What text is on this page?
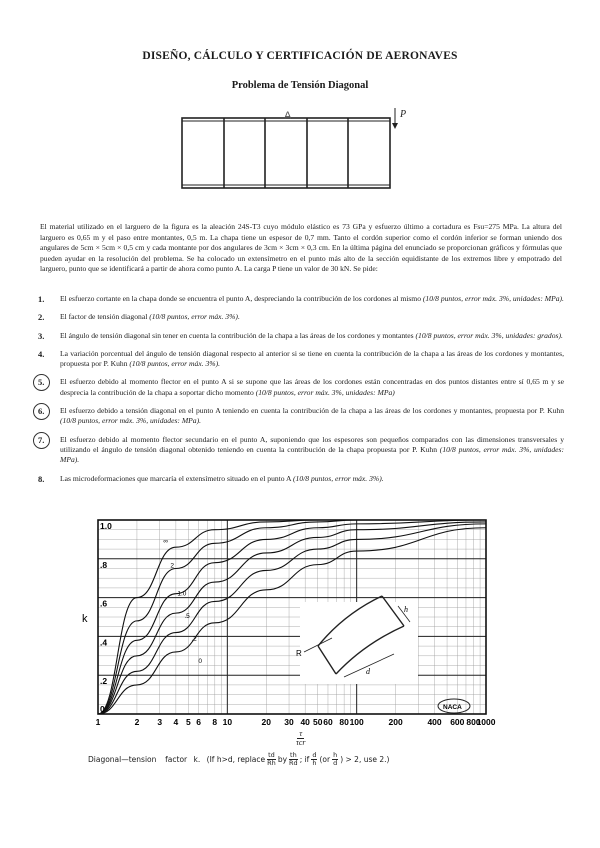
DISEÑO, CÁLCULO Y CERTIFICACIÓN DE AERONAVES
Problema de Tensión Diagonal
A	P
El material utilizado en el larguero de la figura es la aleación 24S-T3 cuyo módulo elástico es 73 GPa y esfuerzo último a cortadura es Fsu=275 MPa. La altura del larguero es 0,65 m y el paso entre montantes, 0,5 m. La chapa tiene un espesor de 0,7 mm. Tanto el cordón superior como el cordón inferior se forman uniendo dos angulares de 5cm × 5cm × 0,5 cm y cada montante por dos angulares de 3cm × 3cm × 0,3 cm. En la última página del enunciado se proporcionan gráficos y fórmulas que pueden ayudar en la resolución del problema. Se ha colocado un extensímetro en el punto más alto de la sección equidistante de los extremos libre y empotrado del larguero, punto que se identificará a partir de ahora como punto A. La carga P tiene un valor de 30 kN. Se pide:
1.	El esfuerzo cortante en la chapa donde se encuentra el punto A, despreciando la contribución de los cordones al mismo (10/8 puntos, error máx. 3%, unidades: MPa).
2.	El factor de tensión diagonal (10/8 puntos, error máx. 3%).
3.	El ángulo de tensión diagonal sin tener en cuenta la contribución de la chapa a las áreas de los cordones y montantes (10/8 puntos, error máx. 3%, unidades: grados).
4.	La variación porcentual del ángulo de tensión diagonal respecto al anterior si se tiene en cuenta la contribución de la chapa a las áreas de los cordones y montantes, propuesta por P. Kuhn (10/8 puntos, error máx. 3%).
5.	El esfuerzo debido al momento flector en el punto A si se supone que las áreas de los cordones están concentradas en dos puntos distantes entre sí 0,65 m y se desprecia la contribución de la chapa a soportar dicho momento (10/8 puntos, error máx. 3%, unidades: MPa)
6.	El esfuerzo debido a tensión diagonal en el punto A teniendo en cuenta la contribución de la chapa a las áreas de los cordones y montantes, propuesta por P. Kuhn (10/8 puntos, error máx. 3%, unidades: MPa).
7.	El esfuerzo debido al momento flector secundario en el punto A, suponiendo que los espesores son pequeños comparados con las dimensiones transversales y utilizando el ángulo de tensión diagonal obtenido teniendo en cuenta la contribución de la chapa propuesta por P. Kuhn (10/8 puntos, error máx. 3%, unidades: MPa).
8.	Las microdeformaciones que marcaría el extensímetro situado en el punto A (10/8 puntos, error máx. 3%).
∞
2
1.0
.5
.2
0
1	2 3 4 5 6 8 10	20 30 40 50 60 80 100	200	400 600 800
1000
0
.2
.4
.6
.8
1.0
k
h
d
R
NACA
τ
τcr
Diagonal—tension
factor
k.
(If h>d, replace $\frac{td}{Rh}$ by $\frac{th}{Rd}$ ; if $\frac{d}{h} (or \frac{h}{d}$ ) > 2, use 2.)
